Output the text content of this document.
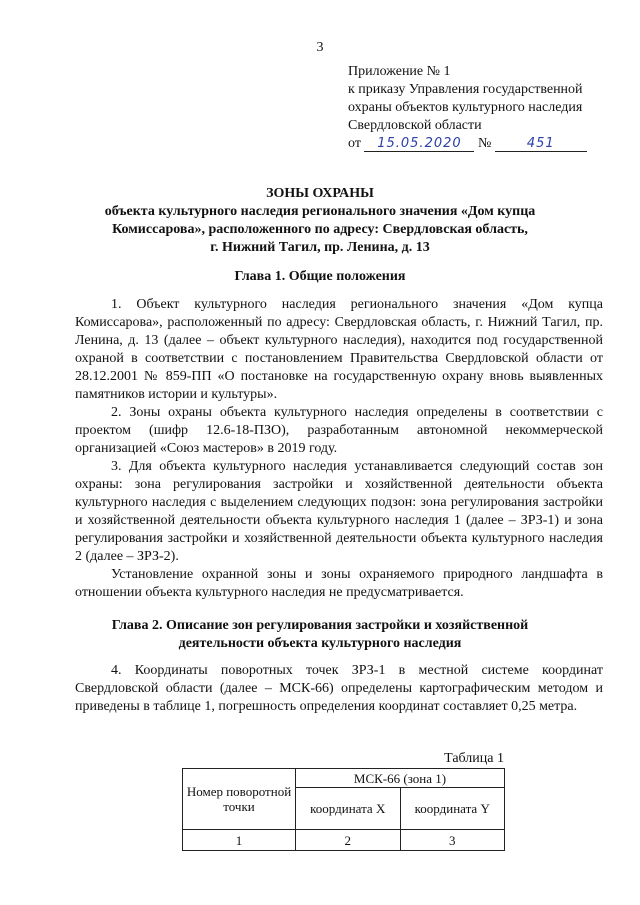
3
Приложение № 1
к приказу Управления государственной
охраны объектов культурного наследия
Свердловской области
от 15.05.2020 №	451
ЗОНЫ ОХРАНЫ
объекта культурного наследия регионального значения «Дом купца
Комиссарова», расположенного по адресу: Свердловская область,
г. Нижний Тагил, пр. Ленина, д. 13
Глава 1. Общие положения

1. Объект культурного наследия регионального значения «Дом купца Комиссарова», расположенный по адресу: Свердловская область, г. Нижний Тагил, пр. Ленина, д. 13 (далее – объект культурного наследия), находится под государственной охраной в соответствии с постановлением Правительства Свердловской области от 28.12.2001 № 859-ПП «О постановке на государственную охрану вновь выявленных памятников истории и культуры».

2. Зоны охраны объекта культурного наследия определены в соответствии с проектом (шифр 12.6-18-ПЗО), разработанным автономной некоммерческой организацией «Союз мастеров» в 2019 году.

3. Для объекта культурного наследия устанавливается следующий состав зон охраны: зона регулирования застройки и хозяйственной деятельности объекта культурного наследия с выделением следующих подзон: зона регулирования застройки и хозяйственной деятельности объекта культурного наследия 1 (далее – ЗРЗ-1) и зона регулирования застройки и хозяйственной деятельности объекта культурного наследия 2 (далее – ЗРЗ-2).

Установление охранной зоны и зоны охраняемого природного ландшафта в отношении объекта культурного наследия не предусматривается.

Глава 2. Описание зон регулирования застройки и хозяйственной
деятельности объекта культурного наследия

4. Координаты поворотных точек ЗРЗ-1 в местной системе координат Свердловской области (далее – МСК-66) определены картографическим методом и приведены в таблице 1, погрешность определения координат составляет 0,25 метра.

Таблица 1
Номер поворотной точки	МСК-66 (зона 1)	
	координата X	координата Y
1	2	3
